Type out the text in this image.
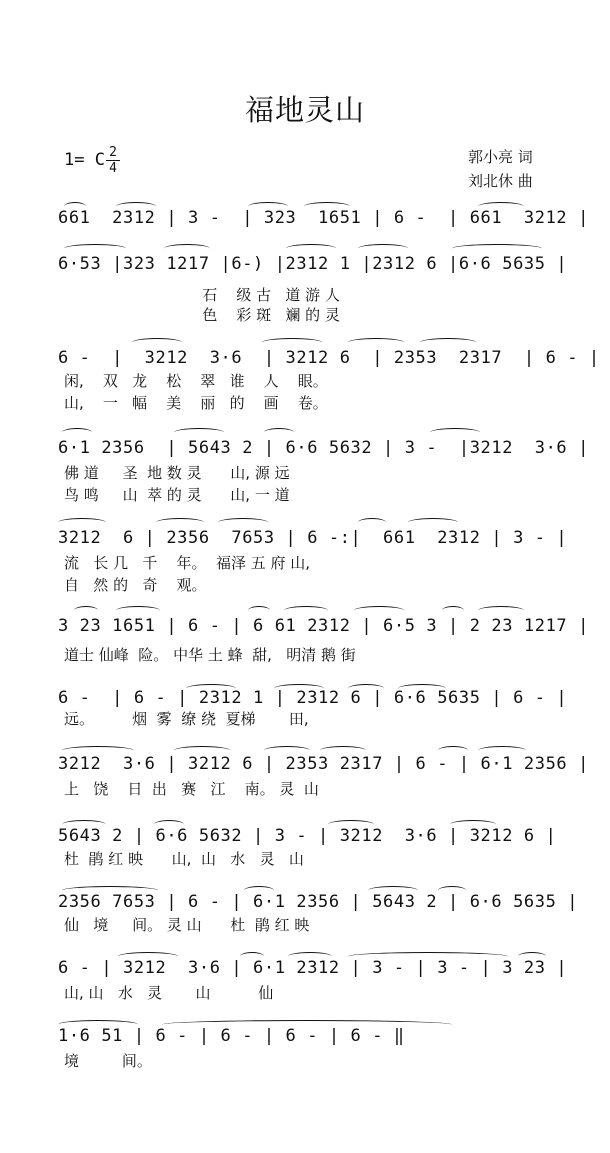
福地灵山
1= C 2
4
郭小亮 词
刘北休 曲
661  2312 | 3 -  | 323  1651 | 6 -  | 661  3212 |
6·53 |323 1217 |6-) |2312 1 |2312 6 |6·6 5635 |
石    级 古   道 游 人
色    彩 斑   斓 的 灵
6 -  |  3212  3·6  | 3212 6  | 2353  2317  | 6 - |
闲,    双   龙    松    翠   谁    人    眼。
山,    一   幅    美    丽   的    画    卷。
6·1 2356  | 5643 2 | 6·6 5632 | 3 -  |3212  3·6 |
佛 道     圣  地 数 灵      山, 源 远
鸟 鸣     山  萃 的 灵      山, 一 道
3212  6 | 2356  7653 | 6 -:|  661  2312 | 3 - |
流   长 几   千    年。  福泽 五 府 山,
自   然 的   奇    观。
3 23 1651 | 6 - | 6 61 2312 | 6·5 3 | 2 23 1217 |
道士 仙峰  险。 中华 土 蜂  甜,   明清 鹅 街
6 -  | 6 - | 2312 1 | 2312 6 | 6·6 5635 | 6 - |
远。        烟  雾  缭 绕  夏梯       田,
3212  3·6 | 3212 6 | 2353 2317 | 6 - | 6·1 2356 |
上   饶    日  出   赛   江    南。 灵  山
5643 2 | 6·6 5632 | 3 - | 3212  3·6 | 3212 6 |
杜  鹃 红 映      山,  山   水   灵   山
2356 7653 | 6 - | 6·1 2356 | 5643 2 | 6·6 5635 |
仙   境     间。 灵 山      杜  鹃 红 映
6 - | 3212  3·6 | 6·1 2312 | 3 - | 3 - | 3 23 |
山, 山   水   灵       山          仙
1·6 51 | 6 - | 6 - | 6 - | 6 - ‖
境         间。
